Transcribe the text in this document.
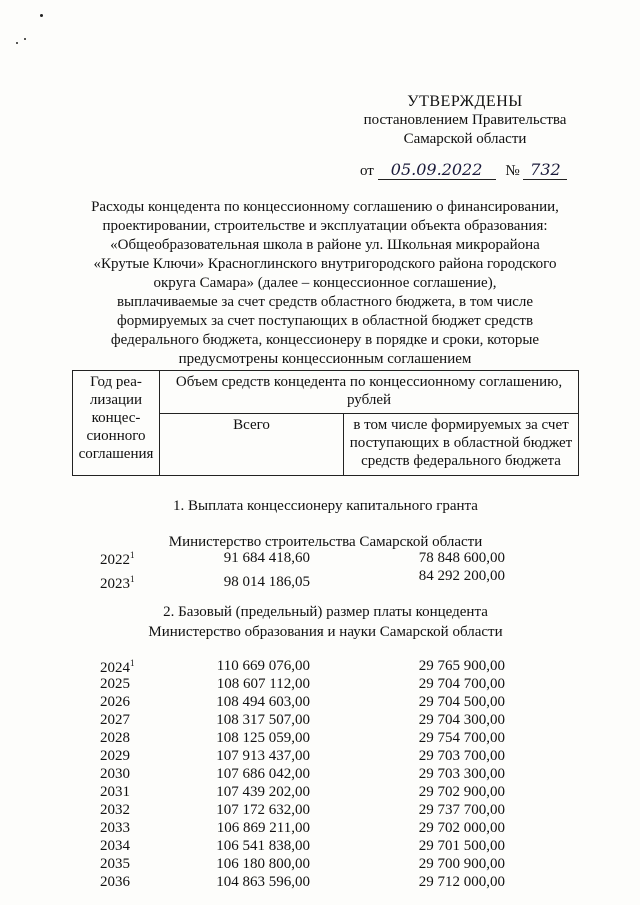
УТВЕРЖДЕНЫ
постановлением Правительства
Самарской области
от 05.09.2022 № 732
Расходы концедента по концессионному соглашению о финансировании,
проектировании, строительстве и эксплуатации объекта образования:
«Общеобразовательная школа в районе ул. Школьная микрорайона
«Крутые Ключи» Красноглинского внутригородского района городского
округа Самара» (далее – концессионное соглашение),
выплачиваемые за счет средств областного бюджета, в том числе
формируемых за счет поступающих в областной бюджет средств
федерального бюджета, концессионеру в порядке и сроки, которые
предусмотрены концессионным соглашением
Год реа- лизации концес- сионного соглашения	Объем средств концедента по концессионному соглашению, рублей	
	Всего	в том числе формируемых за счет поступающих в областной бюджет средств федерального бюджета
1. Выплата концессионеру капитального гранта
Министерство строительства Самарской области
2022$^1$	91 684 418,60	78 848 600,00
2023$^1$	98 014 186,05	84 292 200,00
2. Базовый (предельный) размер платы концедента
Министерство образования и науки Самарской области
2024$^1$	110 669 076,00	29 765 900,00
2025	108 607 112,00	29 704 700,00
2026	108 494 603,00	29 704 500,00
2027	108 317 507,00	29 704 300,00
2028	108 125 059,00	29 754 700,00
2029	107 913 437,00	29 703 700,00
2030	107 686 042,00	29 703 300,00
2031	107 439 202,00	29 702 900,00
2032	107 172 632,00	29 737 700,00
2033	106 869 211,00	29 702 000,00
2034	106 541 838,00	29 701 500,00
2035	106 180 800,00	29 700 900,00
2036	104 863 596,00	29 712 000,00
